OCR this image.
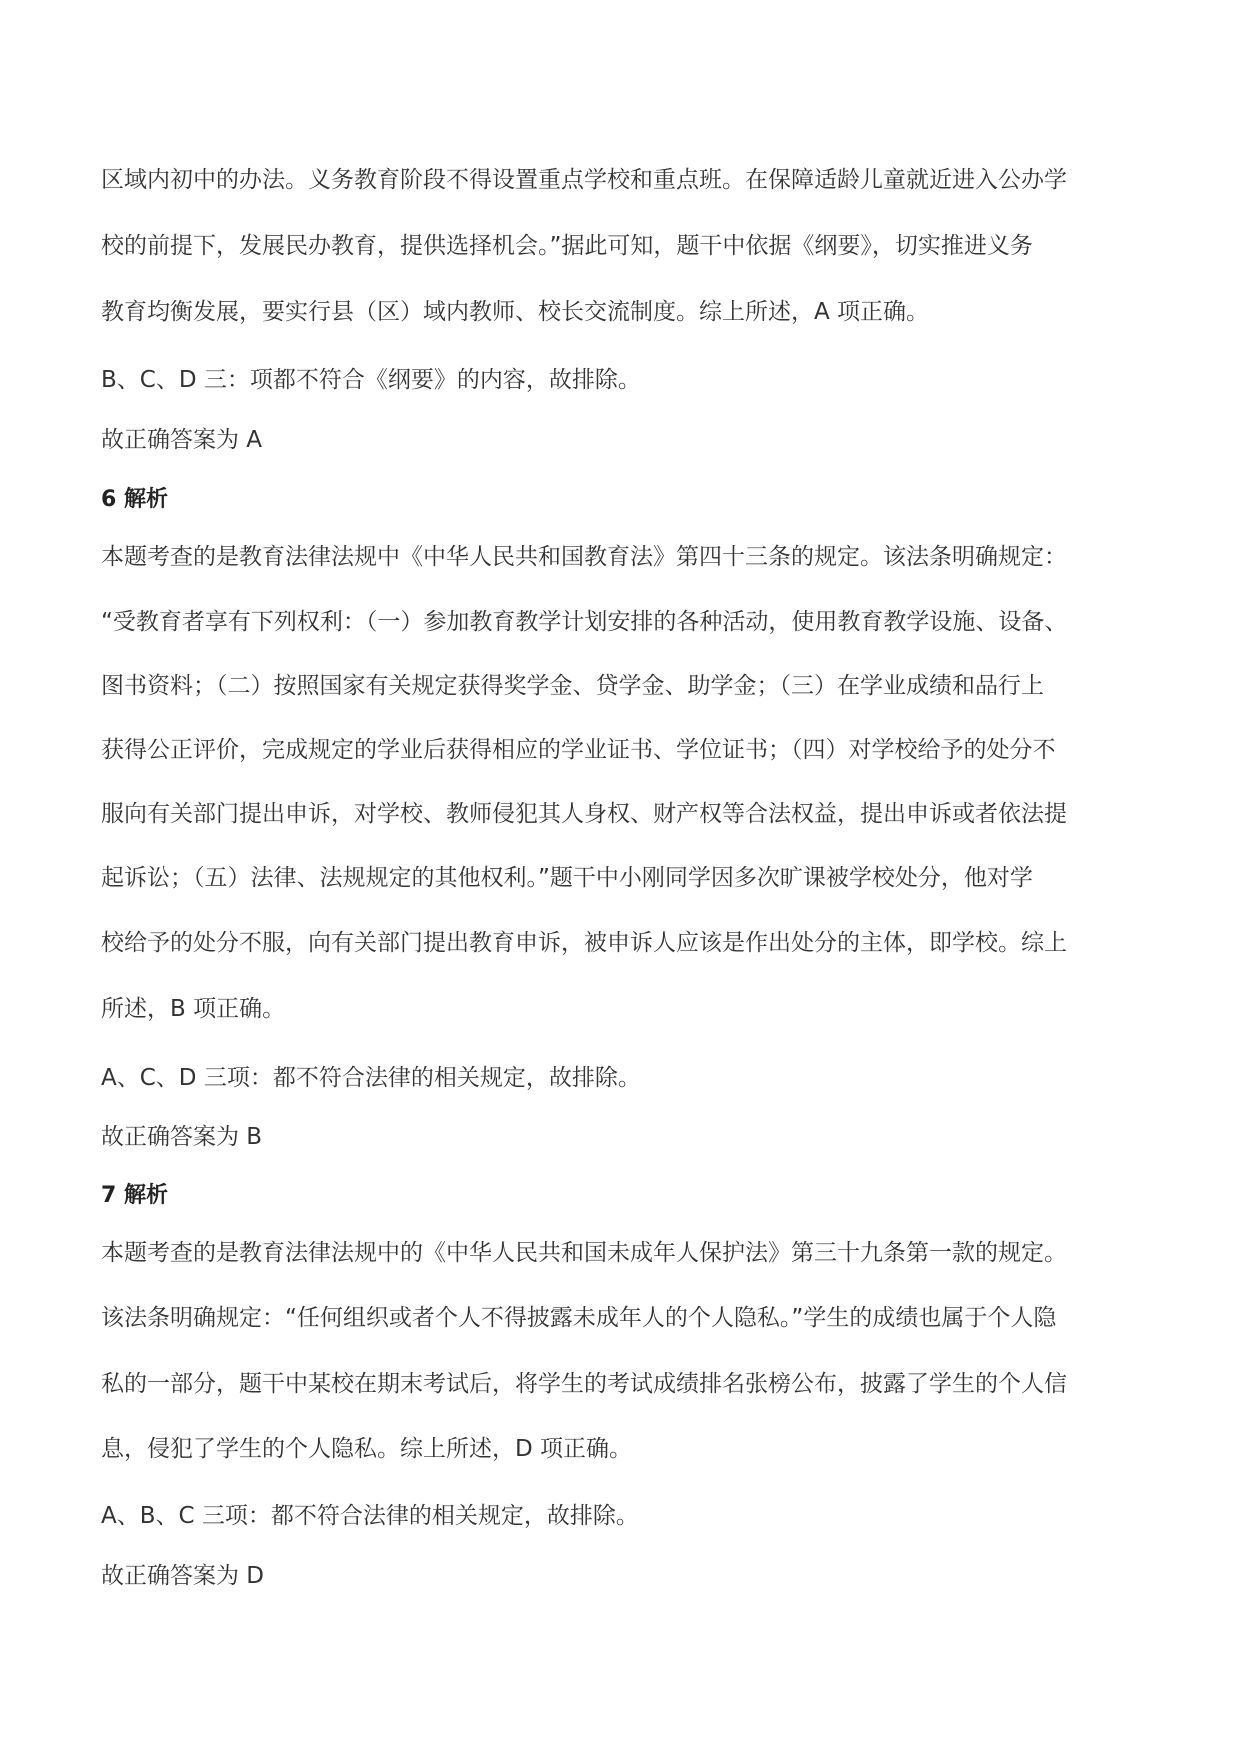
区域内初中的办法。义务教育阶段不得设置重点学校和重点班。在保障适龄儿童就近进入公办学
校的前提下，发展民办教育，提供选择机会。”据此可知，题干中依据《纲要》，切实推进义务
教育均衡发展，要实行县（区）域内教师、校长交流制度。综上所述，A 项正确。
B、C、D 三：项都不符合《纲要》的内容，故排除。
故正确答案为 A
6 解析
本题考查的是教育法律法规中《中华人民共和国教育法》第四十三条的规定。该法条明确规定：
“受教育者享有下列权利：（一）参加教育教学计划安排的各种活动，使用教育教学设施、设备、
图书资料；（二）按照国家有关规定获得奖学金、贷学金、助学金；（三）在学业成绩和品行上
获得公正评价，完成规定的学业后获得相应的学业证书、学位证书；（四）对学校给予的处分不
服向有关部门提出申诉，对学校、教师侵犯其人身权、财产权等合法权益，提出申诉或者依法提
起诉讼；（五）法律、法规规定的其他权利。”题干中小刚同学因多次旷课被学校处分，他对学
校给予的处分不服，向有关部门提出教育申诉，被申诉人应该是作出处分的主体，即学校。综上
所述，B 项正确。
A、C、D 三项：都不符合法律的相关规定，故排除。
故正确答案为 B
7 解析
本题考查的是教育法律法规中的《中华人民共和国未成年人保护法》第三十九条第一款的规定。
该法条明确规定：“任何组织或者个人不得披露未成年人的个人隐私。”学生的成绩也属于个人隐
私的一部分，题干中某校在期末考试后，将学生的考试成绩排名张榜公布，披露了学生的个人信
息，侵犯了学生的个人隐私。综上所述，D 项正确。
A、B、C 三项：都不符合法律的相关规定，故排除。
故正确答案为 D
